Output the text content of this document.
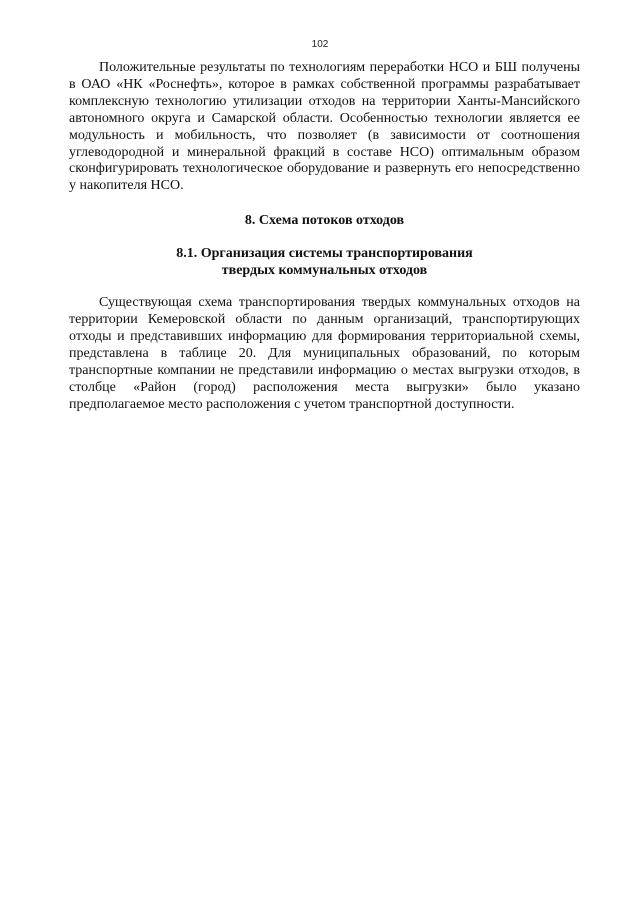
102

Положительные результаты по технологиям переработки НСО и БШ получены в ОАО «НК «Роснефть», которое в рамках собственной программы разрабатывает комплексную технологию утилизации отходов на территории Ханты-Мансийского автономного округа и Самарской области. Особенностью технологии является ее модульность и мобильность, что позволяет (в зависимости от соотношения углеводородной и минеральной фракций в составе НСО) оптимальным образом сконфигурировать технологическое оборудование и развернуть его непосредственно у накопителя НСО.

8. Схема потоков отходов

8.1. Организация системы транспортирования
твердых коммунальных отходов

Существующая схема транспортирования твердых коммунальных отходов на территории Кемеровской области по данным организаций, транспортирующих отходы и представивших информацию для формирования территориальной схемы, представлена в таблице 20. Для муниципальных образований, по которым транспортные компании не представили информацию о местах выгрузки отходов, в столбце «Район (город) расположения места выгрузки» было указано предполагаемое место расположения с учетом транспортной доступности.
